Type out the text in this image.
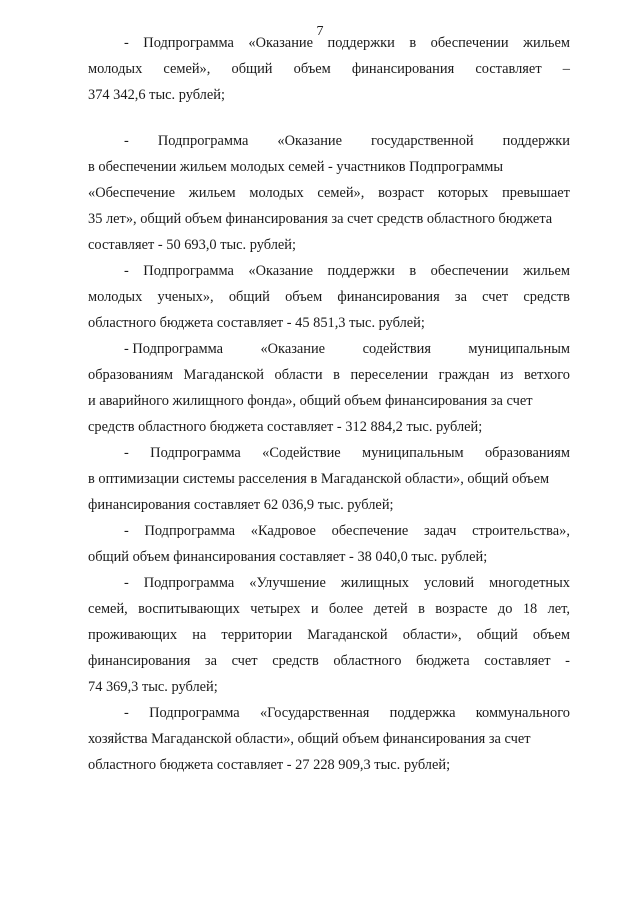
7
- Подпрограмма «Оказание поддержки в обеспечении жильем
молодых семей», общий объем финансирования составляет –
374 342,6 тыс. рублей;
- Подпрограмма «Оказание государственной поддержки
в обеспечении жильем молодых семей - участников Подпрограммы
«Обеспечение жильем молодых семей», возраст которых превышает
35 лет», общий объем финансирования за счет средств областного бюджета
составляет - 50 693,0 тыс. рублей;
- Подпрограмма «Оказание поддержки в обеспечении жильем
молодых ученых», общий объем финансирования за счет средств
областного бюджета составляет - 45 851,3 тыс. рублей;
- Подпрограмма	«Оказание	содействия	муниципальным
образованиям Магаданской области в переселении граждан из ветхого
и аварийного жилищного фонда», общий объем финансирования за счет
средств областного бюджета составляет - 312 884,2 тыс. рублей;
- Подпрограмма «Содействие муниципальным образованиям
в оптимизации системы расселения в Магаданской области», общий объем
финансирования составляет 62 036,9 тыс. рублей;
- Подпрограмма «Кадровое обеспечение задач строительства»,
общий объем финансирования составляет - 38 040,0 тыс. рублей;
- Подпрограмма «Улучшение жилищных условий многодетных
семей, воспитывающих четырех и более детей в возрасте до 18 лет,
проживающих на территории Магаданской области», общий объем
финансирования за счет средств областного бюджета составляет -
74 369,3 тыс. рублей;
- Подпрограмма «Государственная поддержка коммунального
хозяйства Магаданской области», общий объем финансирования за счет
областного бюджета составляет - 27 228 909,3 тыс. рублей;
